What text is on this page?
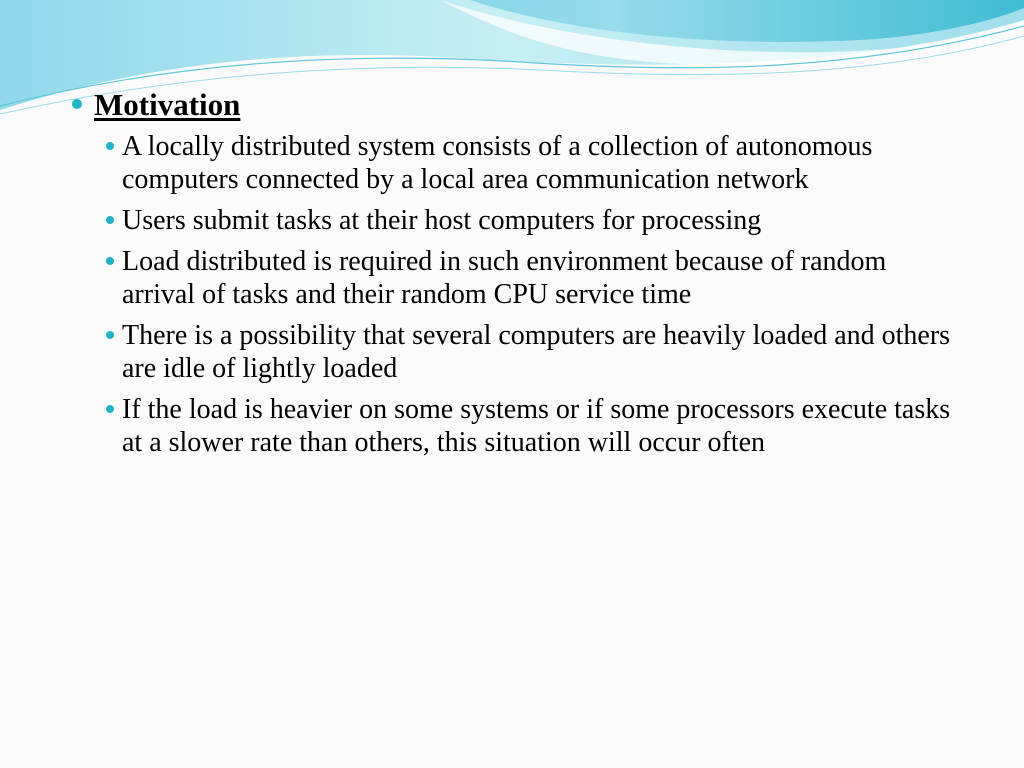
Motivation
A locally distributed system consists of a collection of autonomous computers connected by a local area communication network
Users submit tasks at their host computers for processing
Load distributed is required in such environment because of random arrival of tasks and their random CPU service time
There is a possibility that several computers are heavily loaded and others are idle of lightly loaded
If the load is heavier on some systems or if some processors execute tasks at a slower rate than others, this situation will occur often
